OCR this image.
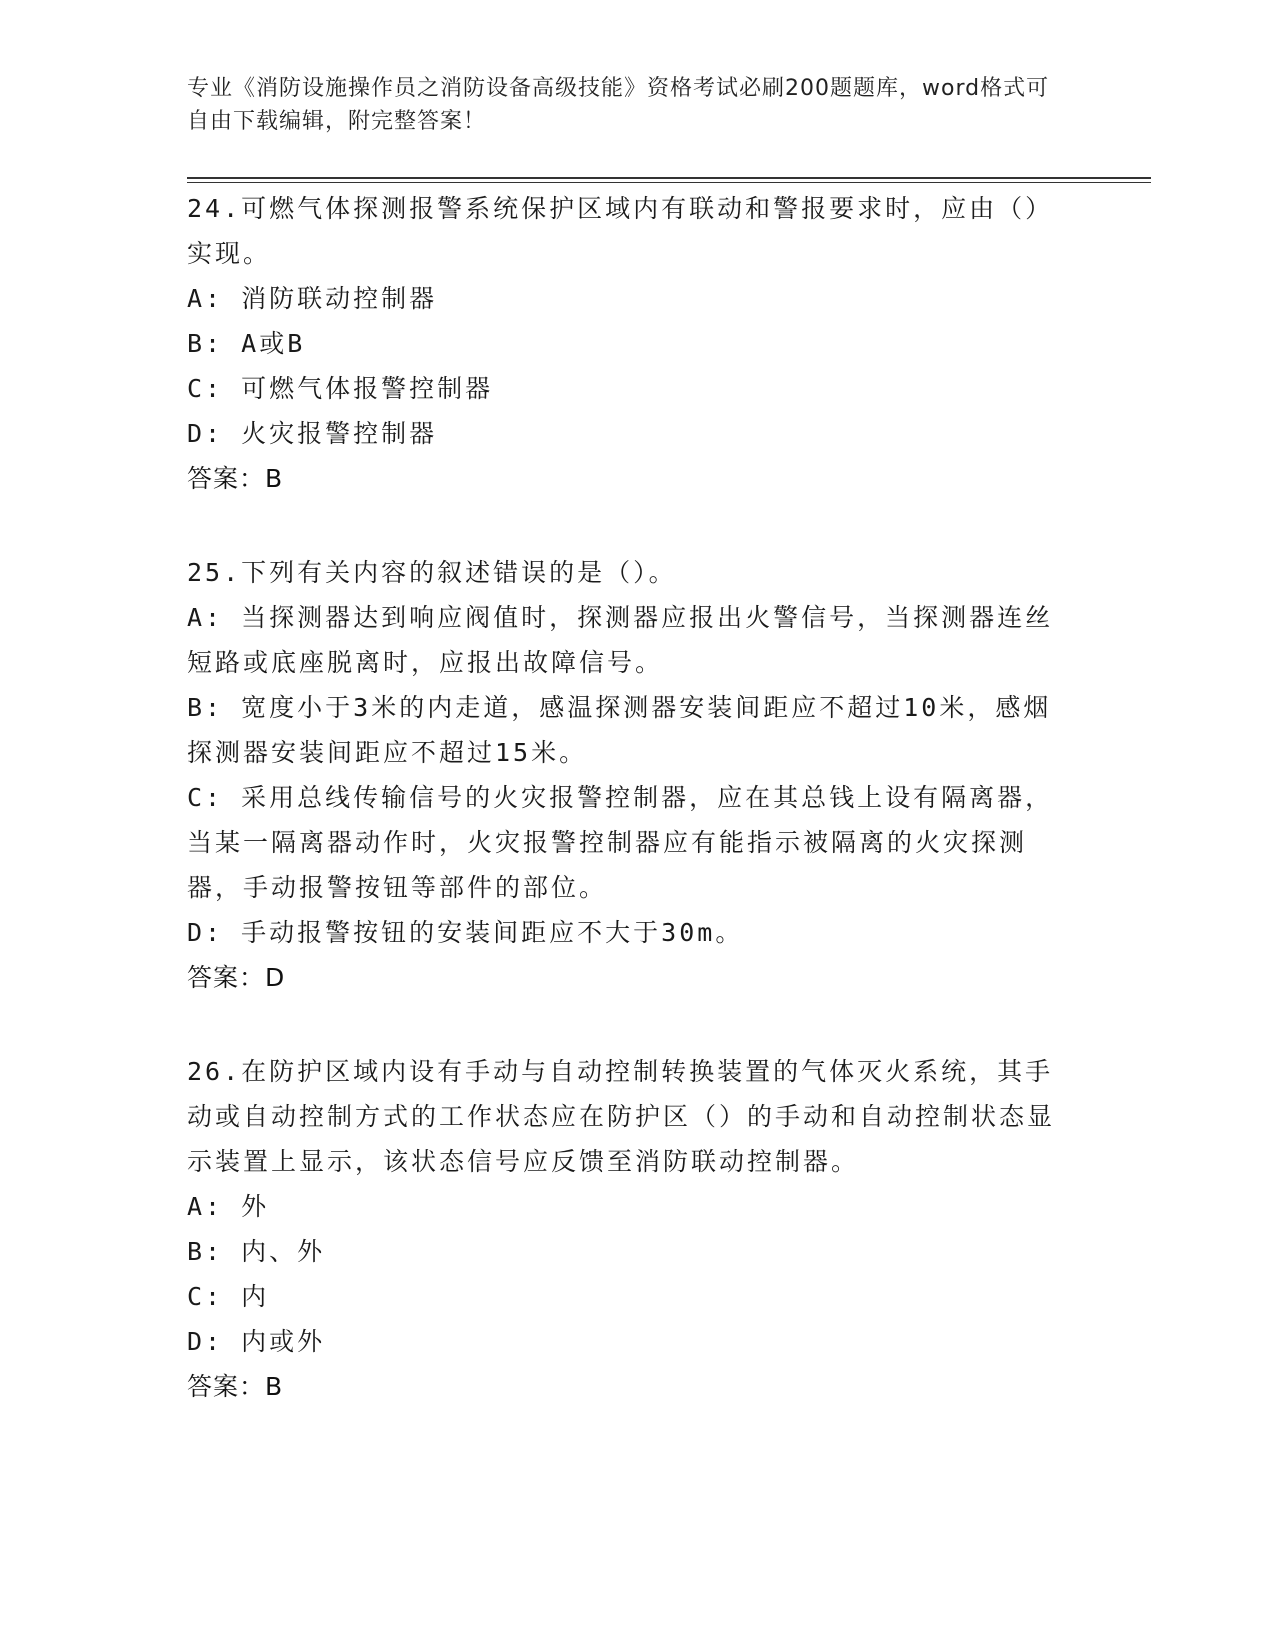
专业《消防设施操作员之消防设备高级技能》资格考试必刷200题题库，word格式可自由下载编辑，附完整答案！

24.可燃气体探测报警系统保护区域内有联动和警报要求时，应由（）实现。

A: 消防联动控制器

B: A或B

C: 可燃气体报警控制器

D: 火灾报警控制器

答案：B

25.下列有关内容的叙述错误的是（）。

A: 当探测器达到响应阀值时，探测器应报出火警信号，当探测器连丝短路或底座脱离时，应报出故障信号。

B: 宽度小于3米的内走道，感温探测器安装间距应不超过10米，感烟探测器安装间距应不超过15米。

C: 采用总线传输信号的火灾报警控制器，应在其总钱上设有隔离器，当某一隔离器动作时，火灾报警控制器应有能指示被隔离的火灾探测器，手动报警按钮等部件的部位。

D: 手动报警按钮的安装间距应不大于30m。

答案：D

26.在防护区域内设有手动与自动控制转换装置的气体灭火系统，其手动或自动控制方式的工作状态应在防护区（）的手动和自动控制状态显示装置上显示，该状态信号应反馈至消防联动控制器。

A: 外

B: 内、外

C: 内

D: 内或外

答案：B
